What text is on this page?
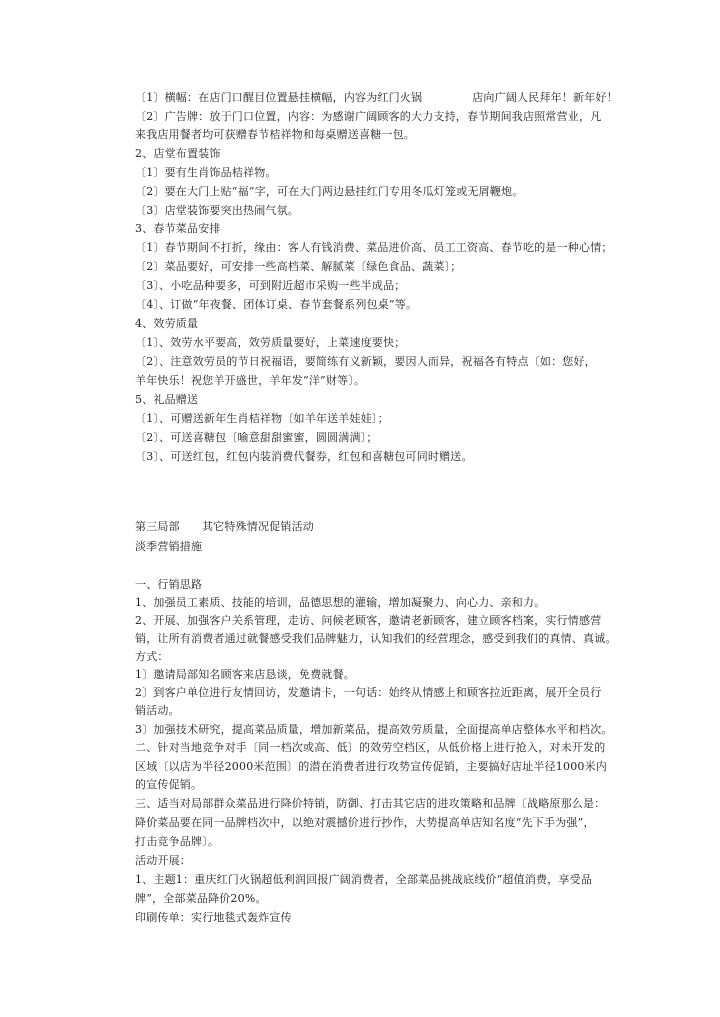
〔1〕横幅：在店门口醒目位置悬挂横幅，内容为红门火锅	店向广阔人民拜年！新年好！
〔2〕广告牌：放于门口位置，内容：为感谢广阔顾客的大力支持，春节期间我店照常营业，凡
来我店用餐者均可获赠春节桔祥物和每桌赠送喜糖一包。
2、店堂布置装饰
〔1〕要有生肖饰品桔祥物。
〔2〕要在大门上贴“福”字，可在大门两边悬挂红门专用冬瓜灯笼或无屑鞭炮。
〔3〕店堂装饰要突出热闹气氛。
3、春节菜品安排
〔1〕春节期间不打折，缘由：客人有钱消费、菜品进价高、员工工资高、春节吃的是一种心情；
〔2〕菜品要好，可安排一些高档菜、解腻菜〔绿色食品、蔬菜〕；
〔3〕、小吃品种要多，可到附近超市采购一些半成品；
〔4〕、订做“年夜餐、团体订桌、春节套餐系列包桌”等。
4、效劳质量
〔1〕、效劳水平要高，效劳质量要好，上菜速度要快；
〔2〕、注意效劳员的节日祝福语，要简练有义新颖，要因人而异，祝福各有特点〔如：您好，
羊年快乐！祝您羊开盛世，羊年发“洋”财等〕。
5、礼品赠送
〔1〕、可赠送新年生肖桔祥物〔如羊年送羊娃娃〕；
〔2〕、可送喜糖包〔喻意甜甜蜜蜜，圆圆满满〕；
〔3〕、可送红包，红包内装消费代餐券，红包和喜糖包可同时赠送。
第三局部      其它特殊情况促销活动
淡季营销措施
一、行销思路
1、加强员工素质、技能的培训，品德思想的灌输，增加凝聚力、向心力、亲和力。
2、开展、加强客户关系管理，走访、问候老顾客，邀请老新顾客，建立顾客档案，实行情感营
销，让所有消费者通过就餐感受我们品牌魅力，认知我们的经营理念，感受到我们的真情、真诚。
方式：
1〕邀请局部知名顾客来店恳谈，免费就餐。
2〕到客户单位进行友情回访，发邀请卡，一句话：始终从情感上和顾客拉近距离，展开全员行
销活动。
3〕加强技术研究，提高菜品质量，增加新菜品，提高效劳质量，全面提高单店整体水平和档次。
二、针对当地竞争对手〔同一档次或高、低〕的效劳空档区，从低价格上进行抢入，对未开发的
区域〔以店为半径2000米范围〕的潜在消费者进行攻势宣传促销，主要搞好店址半径1000米内
的宣传促销。
三、适当对局部群众菜品进行降价特销，防御、打击其它店的进攻策略和品牌〔战略原那么是：
降价菜品要在同一品牌档次中，以绝对震撼价进行抄作，大势提高单店知名度“先下手为强”，
打击竞争品牌〕。
活动开展：
1、主题1：重庆红门火锅超低利润回报广阔消费者，全部菜品挑战底线价“超值消费，享受品
牌”，全部菜品降价20%。
印刷传单：实行地毯式轰炸宣传
